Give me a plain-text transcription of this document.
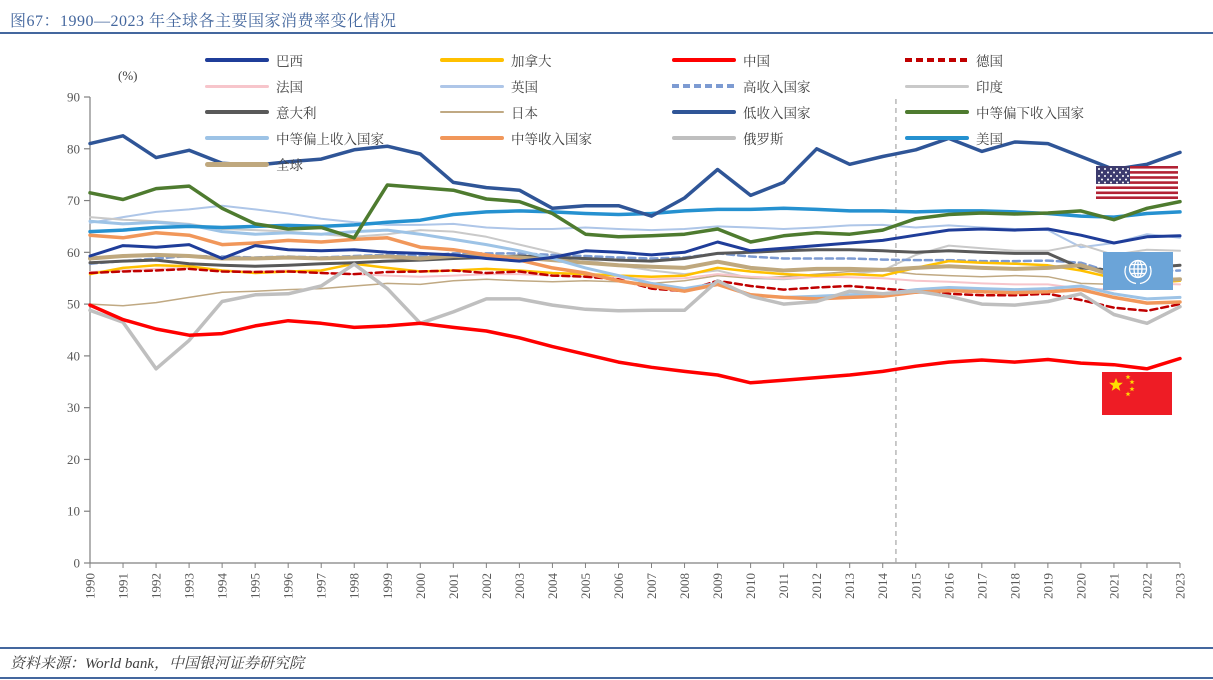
图67：1990—2023 年全球各主要国家消费率变化情况
(%)
0
10
20
30
40
50
60
70
80
90
1990 1991 1992 1993 1994 1995 1996 1997 1998 1999 2000 2001 2002 2003 2004 2005 2006 2007 2008 2009 2010 2011 2012 2013 2014 2015 2016 2017 2018 2019 2020 2021 2022 2023
英国	印度
高收入国家
日本
法国
加拿大	德国
意大利
全球
中等偏上收入国家	中等收入国家
巴西
美国
俄罗斯
中等偏下收入国家
低收入国家
中国
资料来源：World bank，中国银河证券研究院
